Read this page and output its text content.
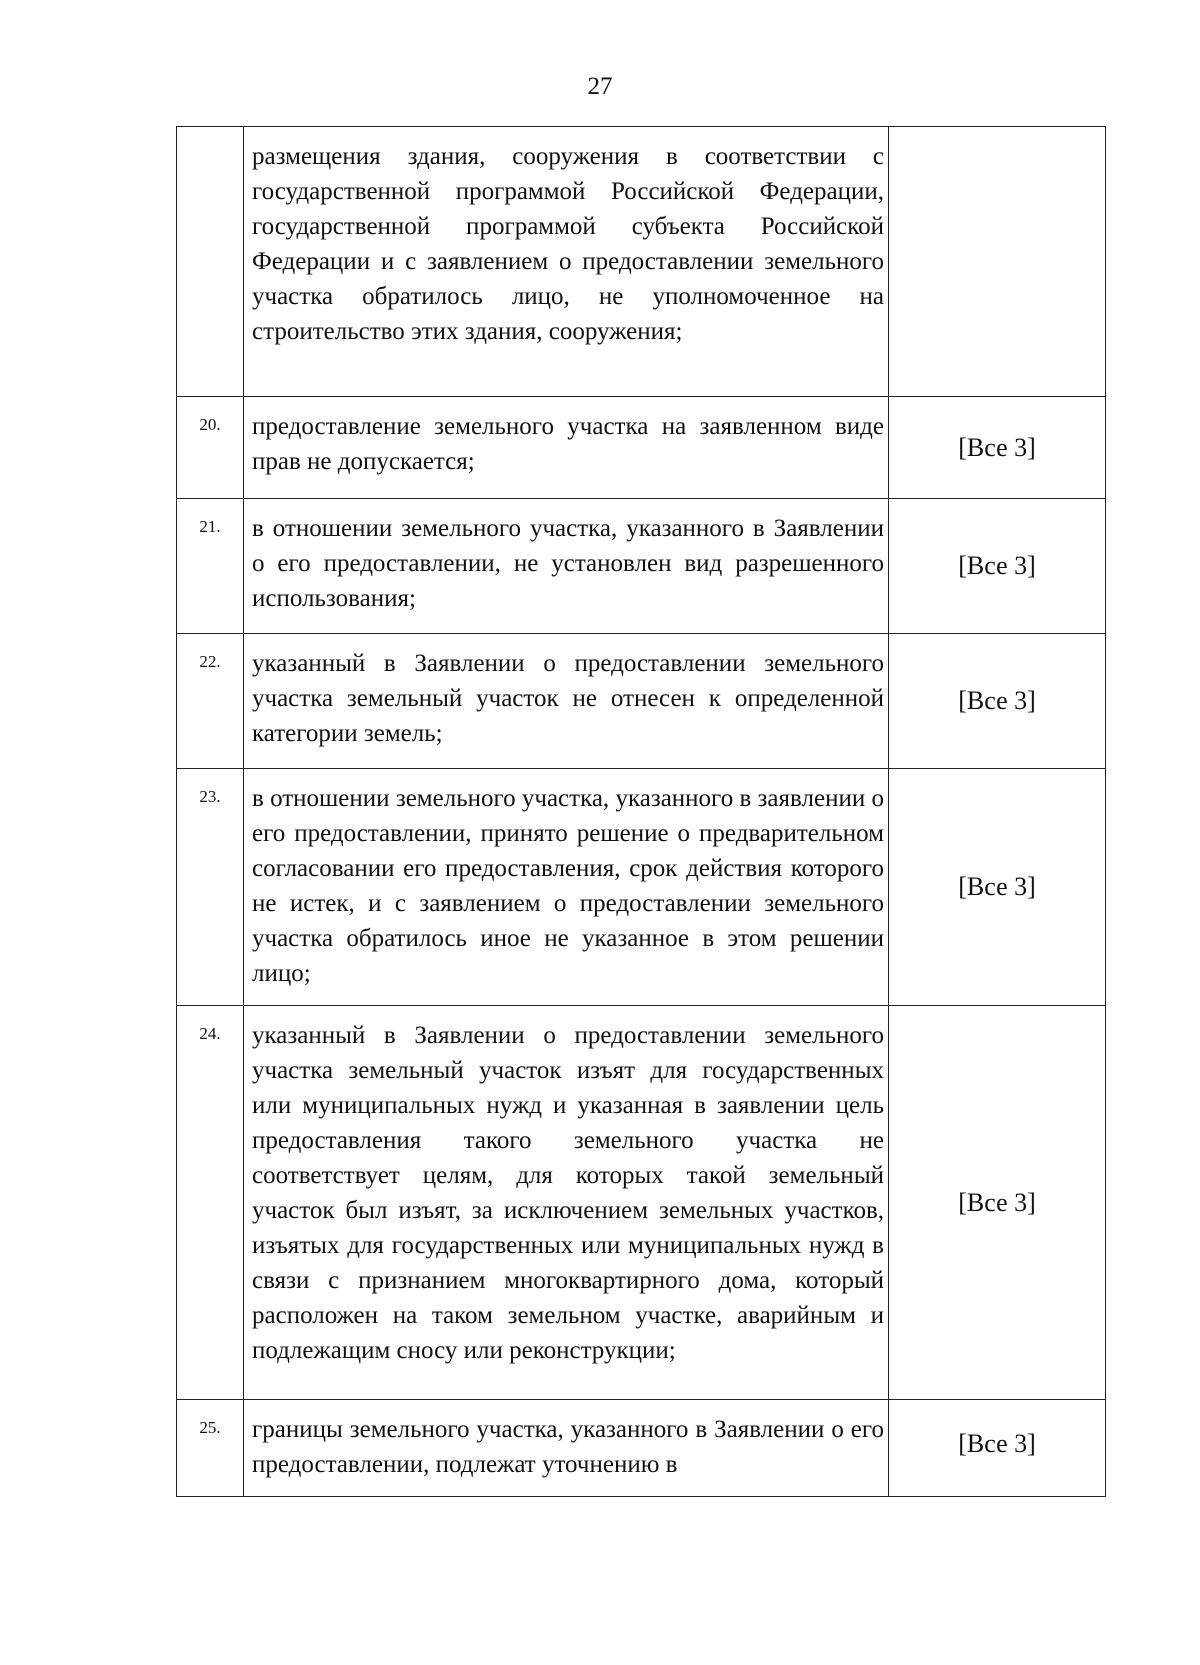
27
	размещения здания, сооружения в соответствии с государственной программой Российской Федерации, государственной программой субъекта Российской Федерации и с заявлением о предоставлении земельного участка обратилось лицо, не уполномоченное на строительство этих здания, сооружения;	
20.	предоставление земельного участка на заявленном виде прав не допускается;	[Все 3]
21.	в отношении земельного участка, указанного в Заявлении о его предоставлении, не установлен вид разрешенного использования;	[Все 3]
22.	указанный в Заявлении о предоставлении земельного участка земельный участок не отнесен к определенной категории земель;	[Все 3]
23.	в отношении земельного участка, указанного в заявлении о его предоставлении, принято решение о предварительном согласовании его предоставления, срок действия которого не истек, и с заявлением о предоставлении земельного участка обратилось иное не указанное в этом решении лицо;	[Все 3]
24.	указанный в Заявлении о предоставлении земельного участка земельный участок изъят для государственных или муниципальных нужд и указанная в заявлении цель предоставления такого земельного участка не соответствует целям, для которых такой земельный участок был изъят, за исключением земельных участков, изъятых для государственных или муниципальных нужд в связи с признанием многоквартирного дома, который расположен на таком земельном участке, аварийным и подлежащим сносу или реконструкции;	[Все 3]
25.	границы земельного участка, указанного в Заявлении о его предоставлении, подлежат уточнению в	[Все 3]
